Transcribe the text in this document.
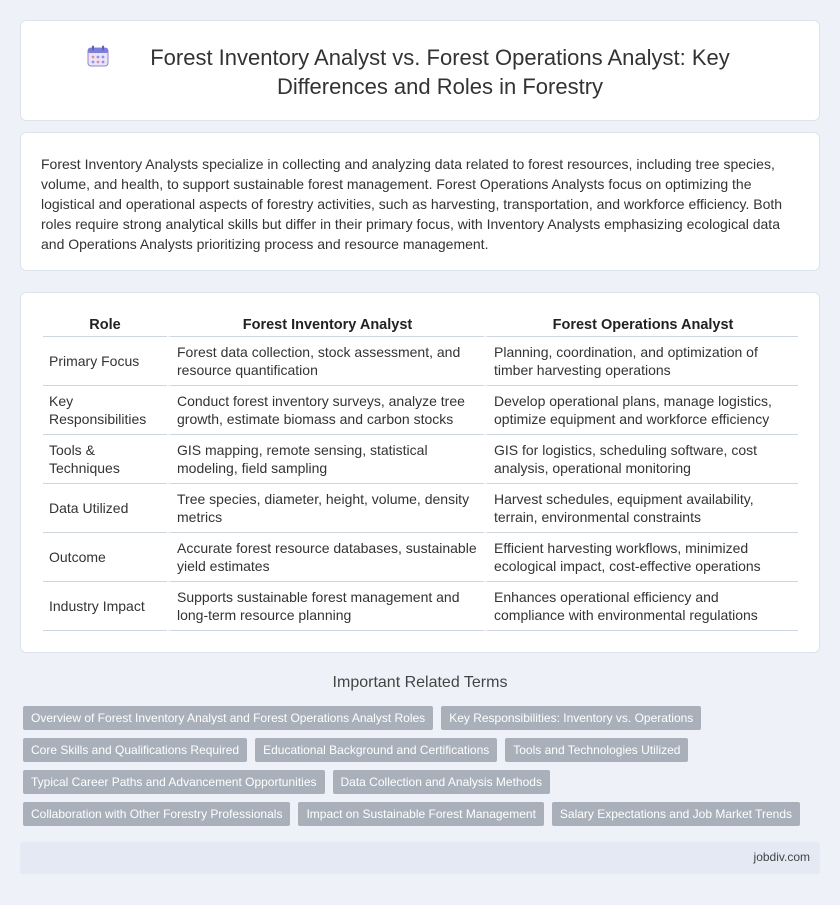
Forest Inventory Analyst vs. Forest Operations Analyst: Key Differences and Roles in Forestry

Forest Inventory Analysts specialize in collecting and analyzing data related to forest resources, including tree species, volume, and health, to support sustainable forest management. Forest Operations Analysts focus on optimizing the logistical and operational aspects of forestry activities, such as harvesting, transportation, and workforce efficiency. Both roles require strong analytical skills but differ in their primary focus, with Inventory Analysts emphasizing ecological data and Operations Analysts prioritizing process and resource management.

Role	Forest Inventory Analyst	Forest Operations Analyst
Primary Focus	Forest data collection, stock assessment, and resource quantification	Planning, coordination, and optimization of timber harvesting operations
Key Responsibilities	Conduct forest inventory surveys, analyze tree growth, estimate biomass and carbon stocks	Develop operational plans, manage logistics, optimize equipment and workforce efficiency
Tools & Techniques	GIS mapping, remote sensing, statistical modeling, field sampling	GIS for logistics, scheduling software, cost analysis, operational monitoring
Data Utilized	Tree species, diameter, height, volume, density metrics	Harvest schedules, equipment availability, terrain, environmental constraints
Outcome	Accurate forest resource databases, sustainable yield estimates	Efficient harvesting workflows, minimized ecological impact, cost-effective operations
Industry Impact	Supports sustainable forest management and long-term resource planning	Enhances operational efficiency and compliance with environmental regulations
Important Related Terms
Overview of Forest Inventory Analyst and Forest Operations Analyst Roles	Key Responsibilities: Inventory vs. Operations
Core Skills and Qualifications Required	Educational Background and Certifications	Tools and Technologies Utilized
Typical Career Paths and Advancement Opportunities	Data Collection and Analysis Methods
Collaboration with Other Forestry Professionals	Impact on Sustainable Forest Management	Salary Expectations and Job Market Trends
jobdiv.com
